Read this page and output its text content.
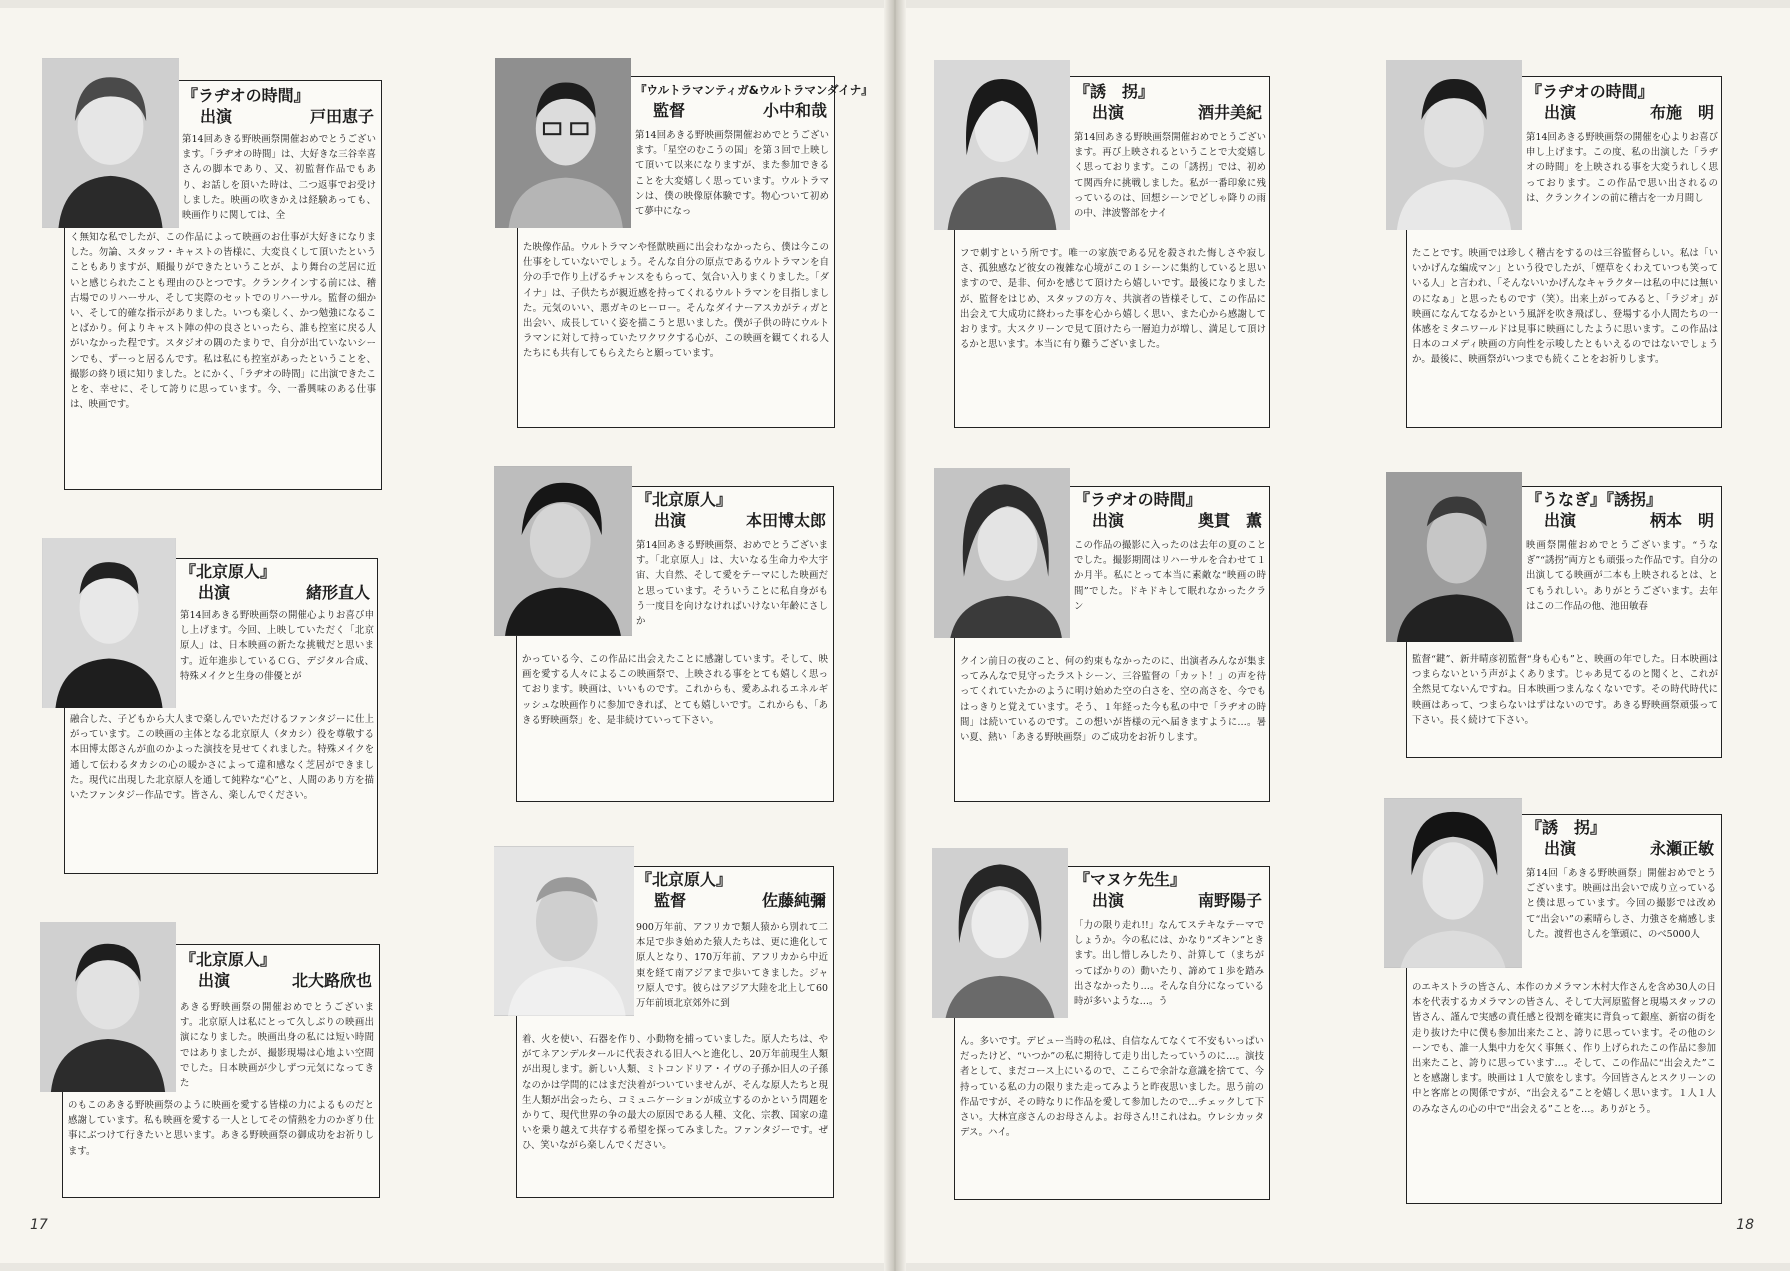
『ラヂオの時間』
出演	戸田恵子
第14回あきる野映画祭開催おめでとうございます。「ラヂオの時間」は、大好きな三谷幸喜さんの脚本であり、又、初監督作品でもあり、お話しを頂いた時は、二つ返事でお受けしました。映画の吹きかえは経験あっても、映画作りに関しては、全
く無知な私でしたが、この作品によって映画のお仕事が大好きになりました。勿論、スタッフ・キャストの皆様に、大変良くして頂いたということもありますが、順撮りができたということが、より舞台の芝居に近いと感じられたことも理由のひとつです。クランクインする前には、稽古場でのリハーサル、そして実際のセットでのリハーサル。監督の細かい、そして的確な指示がありました。いつも楽しく、かつ勉強になることばかり。何よりキャスト陣の仲の良さといったら、誰も控室に戻る人がいなかった程です。スタジオの隅のたまりで、自分が出ていないシーンでも、ずーっと居るんです。私は私にも控室があったということを、撮影の終り頃に知りました。とにかく、「ラヂオの時間」に出演できたことを、幸せに、そして誇りに思っています。今、一番興味のある仕事は、映画です。
『北京原人』
出演	緒形直人
第14回あきる野映画祭の開催心よりお喜び申し上げます。今回、上映していただく「北京原人」は、日本映画の新たな挑戦だと思います。近年進歩しているＣＧ、デジタル合成、特殊メイクと生身の俳優とが
融合した、子どもから大人まで楽しんでいただけるファンタジーに仕上がっています。この映画の主体となる北京原人（タカシ）役を尊敬する本田博太郎さんが血のかよった演技を見せてくれました。特殊メイクを通して伝わるタカシの心の暖かさによって違和感なく芝居ができました。現代に出現した北京原人を通して純粋な“心”と、人間のあり方を描いたファンタジー作品です。皆さん、楽しんでください。
『北京原人』
出演	北大路欣也
あきる野映画祭の開催おめでとうございます。北京原人は私にとって久しぶりの映画出演になりました。映画出身の私には短い時間ではありましたが、撮影現場は心地よい空間でした。日本映画が少しずつ元気になってきた
のもこのあきる野映画祭のように映画を愛する皆様の力によるものだと感謝しています。私も映画を愛する一人としてその情熱を力のかぎり仕事にぶつけて行きたいと思います。あきる野映画祭の御成功をお祈りします。
『ウルトラマンティガ&ウルトラマンダイナ』
監督	小中和哉
第14回あきる野映画祭開催おめでとうございます。「星空のむこうの国」を第３回で上映して頂いて以来になりますが、また参加できることを大変嬉しく思っています。ウルトラマンは、僕の映像原体験です。物心ついて初めて夢中になっ
た映像作品。ウルトラマンや怪獣映画に出会わなかったら、僕は今この仕事をしていないでしょう。そんな自分の原点であるウルトラマンを自分の手で作り上げるチャンスをもらって、気合い入りまくりました。「ダイナ」は、子供たちが親近感を持ってくれるウルトラマンを目指しました。元気のいい、悪ガキのヒーロー。そんなダイナーアスカがティガと出会い、成長していく姿を描こうと思いました。僕が子供の時にウルトラマンに対して持っていたワクワクする心が、この映画を観てくれる人たちにも共有してもらえたらと願っています。
『北京原人』
出演	本田博太郎
第14回あきる野映画祭、おめでとうございます。「北京原人」は、大いなる生命力や大宇宙、大自然、そして愛をテーマにした映画だと思っています。そういうことに私自身がもう一度目を向けなければいけない年齢にさしか
かっている今、この作品に出会えたことに感謝しています。そして、映画を愛する人々によるこの映画祭で、上映される事をとても嬉しく思っております。映画は、いいものです。これからも、愛あふれるエネルギッシュな映画作りに参加できれば、とても嬉しいです。これからも、「あきる野映画祭」を、是非続けていって下さい。
『北京原人』
監督	佐藤純彌
900万年前、アフリカで類人猿から別れて二本足で歩き始めた猿人たちは、更に進化して原人となり、170万年前、アフリカから中近東を経て南アジアまで歩いてきました。ジャワ原人です。彼らはアジア大陸を北上して60万年前頃北京郊外に到
着、火を使い、石器を作り、小動物を捕っていました。原人たちは、やがてネアンデルタールに代表される旧人へと進化し、20万年前現生人類が出現します。新しい人類、ミトコンドリア・イヴの子孫か旧人の子孫なのかは学問的にはまだ決着がついていませんが、そんな原人たちと現生人類が出会ったら、コミュニケーションが成立するのかという問題をかりて、現代世界の争の最大の原因である人種、文化、宗教、国家の違いを乗り越えて共存する希望を探ってみました。ファンタジーです。ぜひ、笑いながら楽しんでください。
『誘　拐』
出演	酒井美紀
第14回あきる野映画祭開催おめでとうございます。再び上映されるということで大変嬉しく思っております。この「誘拐」では、初めて関西弁に挑戦しました。私が一番印象に残っているのは、回想シーンでどしゃ降りの雨の中、津波警部をナイ
フで刺すという所です。唯一の家族である兄を殺された悔しさや寂しさ、孤独感など彼女の複雑な心境がこの１シーンに集約していると思いますので、是非、何かを感じて頂けたら嬉しいです。最後になりましたが、監督をはじめ、スタッフの方々、共演者の皆様そして、この作品に出会えて大成功に終わった事を心から嬉しく思い、また心から感謝しております。大スクリーンで見て頂けたら一層迫力が増し、満足して頂けるかと思います。本当に有り難うございました。
『ラヂオの時間』
出演	奥貫　薫
この作品の撮影に入ったのは去年の夏のことでした。撮影期間はリハーサルを合わせて１か月半。私にとって本当に素敵な“映画の時間”でした。ドキドキして眠れなかったクラン
クイン前日の夜のこと、何の約束もなかったのに、出演者みんなが集まってみんなで見守ったラストシーン、三谷監督の「カット！」の声を待ってくれていたかのように明け始めた空の白さを、空の高さを、今でもはっきりと覚えています。そう、１年経った今も私の中で「ラヂオの時間」は続いているのです。この想いが皆様の元へ届きますように…。暑い夏、熱い「あきる野映画祭」のご成功をお祈りします。
『マヌケ先生』
出演	南野陽子
「力の限り走れ!!」なんてステキなテーマでしょうか。今の私には、かなり“ズキン”ときます。出し惜しみしたり、計算して（まちがってばかりの）動いたり、諦めて１歩を踏み出さなかったり…。そんな自分になっている時が多いような…。う
ん。多いです。デビュー当時の私は、自信なんてなくて不安もいっぱいだったけど、“いつか”の私に期待して走り出したっていうのに…。演技者として、まだコース上にいるので、ここらで余計な意識を捨てて、今持っている私の力の限りまた走ってみようと昨夜思いました。思う前の作品ですが、その時なりに作品を愛して参加したので…チェックして下さい。大林宣彦さんのお母さんよ。お母さん!!これはね。ウレシカッタデス。ハイ。
『ラヂオの時間』
出演	布施　明
第14回あきる野映画祭の開催を心よりお喜び申し上げます。この度、私の出演した「ラヂオの時間」を上映される事を大変うれしく思っております。この作品で思い出されるのは、クランクインの前に稽古を一カ月間し
たことです。映画では珍しく稽古をするのは三谷監督らしい。私は「いいかげんな編成マン」という役でしたが、「煙草をくわえていつも笑っている人」と言われ、「そんないいかげんなキャラクターは私の中には無いのになぁ」と思ったものです（笑）。出来上がってみると、「ラジオ」が映画になんてなるかという風評を吹き飛ばし、登場する小人間たちの一体感をミタニワールドは見事に映画にしたように思います。この作品は日本のコメディ映画の方向性を示唆したともいえるのではないでしょうか。最後に、映画祭がいつまでも続くことをお祈りします。
『うなぎ』『誘拐』
出演	柄本　明
映画祭開催おめでとうございます。“うなぎ”“誘拐”両方とも頑張った作品です。自分の出演してる映画が二本も上映されるとは、とてもうれしい。ありがとうございます。去年はこの二作品の他、池田敏春
監督“鍵”、新井晴彦初監督“身も心も”と、映画の年でした。日本映画はつまらないという声がよくあります。じゃあ見てるのと聞くと、これが全然見てないんですね。日本映画つまんなくないです。その時代時代に映画はあって、つまらないはずはないのです。あきる野映画祭頑張って下さい。長く続けて下さい。
『誘　拐』
出演	永瀬正敏
第14回「あきる野映画祭」開催おめでとうございます。映画は出会いで成り立っていると僕は思っています。今回の撮影では改めて“出会い”の素晴らしさ、力強さを痛感しました。渡哲也さんを筆頭に、のべ5000人
のエキストラの皆さん、本作のカメラマン木村大作さんを含め30人の日本を代表するカメラマンの皆さん、そして大河原監督と現場スタッフの皆さん、謹んで実感の責任感と役割を確実に背負って銀座、新宿の街を走り抜けた中に僕も参加出来たこと、誇りに思っています。その他のシーンでも、誰一人集中力を欠く事無く、作り上げられたこの作品に参加出来たこと、誇りに思っています…。そして、この作品に“出会えた”ことを感謝します。映画は１人で旅をします。今回皆さんとスクリーンの中と客席との関係ですが、“出会える”ことを嬉しく思います。１人１人のみなさんの心の中で“出会える”ことを…。ありがとう。
17	18
